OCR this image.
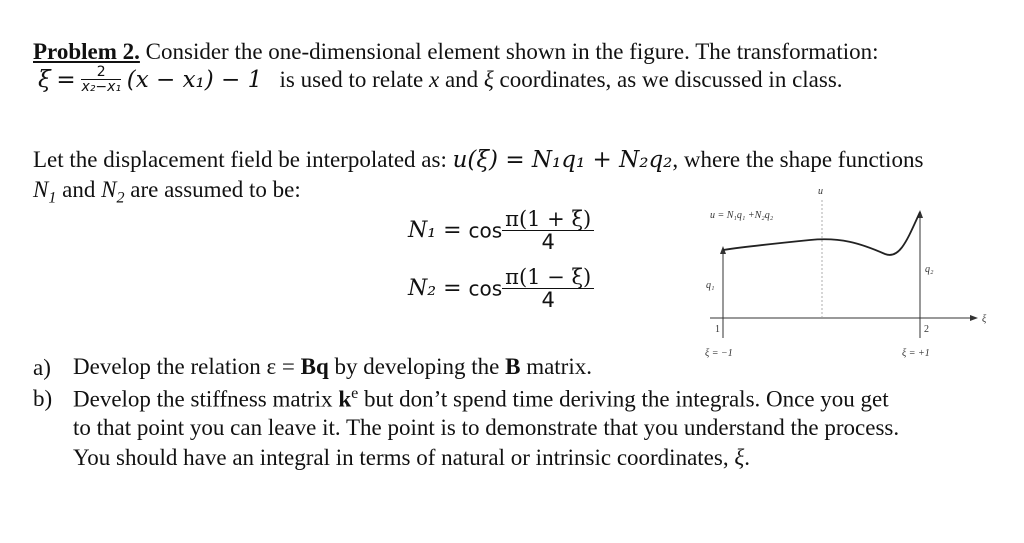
Problem 2. Consider the one-dimensional element shown in the figure. The transformation:
$\xi = \frac{2}{\text{x₂−x₁}} (x - x_1) - 1$ is used to relate x and ξ coordinates, as we discussed in class.
Let the displacement field be interpolated as: u(ξ) = N₁q₁ + N₂q₂, where the shape functions
$N_1$ and $N_2$ are assumed to be:
$N_1 = \cos \frac{\pi(1 + \xi)}{4}$
$N_2 = \cos \frac{\pi(1 - \xi)}{4}$
u
u = N₁q₁ +N₂q₂
ξ
q₁
q₂
1	2
ξ = −1	ξ = +1
a) Develop the relation ε = Bq by developing the B matrix.
b) Develop the stiffness matrix $k^e$ but don’t spend time deriving the integrals. Once you get
to that point you can leave it. The point is to demonstrate that you understand the process.
You should have an integral in terms of natural or intrinsic coordinates, ξ.
